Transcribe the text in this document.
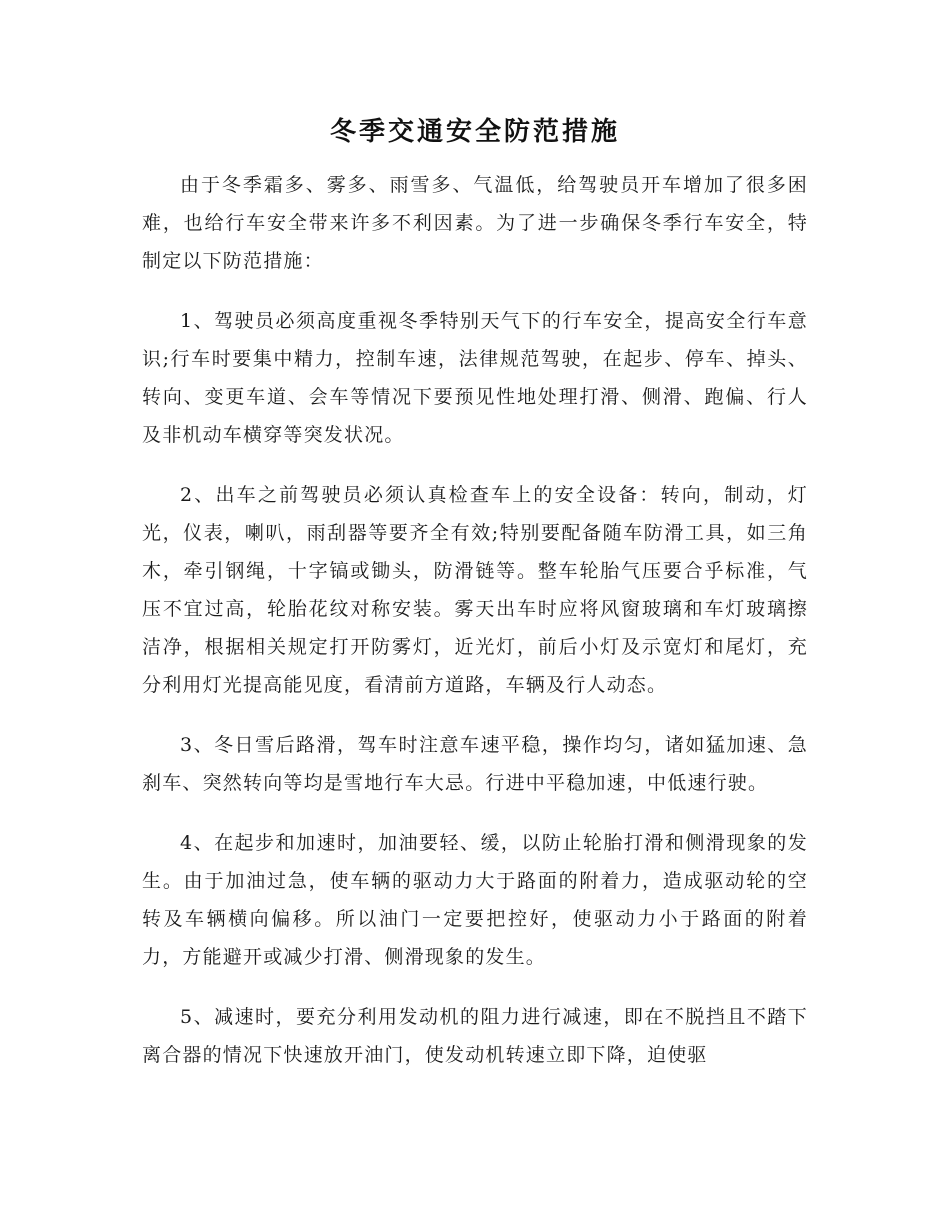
冬季交通安全防范措施

由于冬季霜多、雾多、雨雪多、气温低，给驾驶员开车增加了很多困难，也给行车安全带来许多不利因素。为了进一步确保冬季行车安全，特制定以下防范措施：

1、驾驶员必须高度重视冬季特别天气下的行车安全，提高安全行车意识;行车时要集中精力，控制车速，法律规范驾驶，在起步、停车、掉头、转向、变更车道、会车等情况下要预见性地处理打滑、侧滑、跑偏、行人及非机动车横穿等突发状况。

2、出车之前驾驶员必须认真检查车上的安全设备：转向，制动，灯光，仪表，喇叭，雨刮器等要齐全有效;特别要配备随车防滑工具，如三角木，牵引钢绳，十字镐或锄头，防滑链等。整车轮胎气压要合乎标准，气压不宜过高，轮胎花纹对称安装。雾天出车时应将风窗玻璃和车灯玻璃擦洁净，根据相关规定打开防雾灯，近光灯，前后小灯及示宽灯和尾灯，充分利用灯光提高能见度，看清前方道路，车辆及行人动态。

3、冬日雪后路滑，驾车时注意车速平稳，操作均匀，诸如猛加速、急刹车、突然转向等均是雪地行车大忌。行进中平稳加速，中低速行驶。

4、在起步和加速时，加油要轻、缓，以防止轮胎打滑和侧滑现象的发生。由于加油过急，使车辆的驱动力大于路面的附着力，造成驱动轮的空转及车辆横向偏移。所以油门一定要把控好，使驱动力小于路面的附着力，方能避开或减少打滑、侧滑现象的发生。

5、减速时，要充分利用发动机的阻力进行减速，即在不脱挡且不踏下离合器的情况下快速放开油门，使发动机转速立即下降，迫使驱
